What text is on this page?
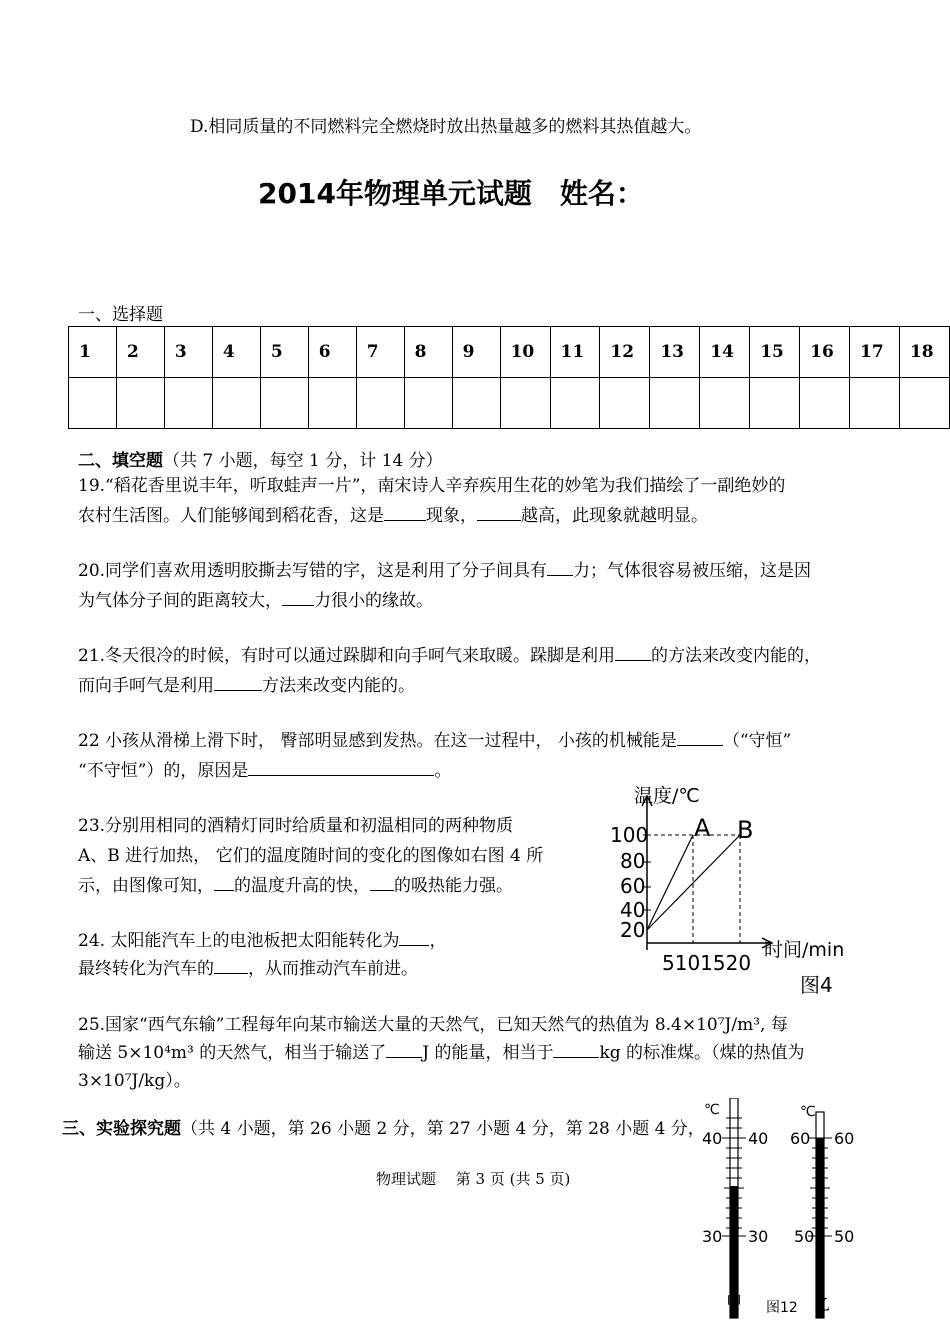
D.相同质量的不同燃料完全燃烧时放出热量越多的燃料其热值越大。
2014年物理单元试题　姓名：
一、选择题
1	2	3	4	5	6	7	8	9	10	11	12	13	14	15	16	17	18

二、填空题（共 7 小题，每空 1 分，计 14 分）
19.“稻花香里说丰年，听取蛙声一片”，南宋诗人辛弃疾用生花的妙笔为我们描绘了一副绝妙的
农村生活图。人们能够闻到稻花香，这是 现象，	越高，此现象就越明显。
20.同学们喜欢用透明胶撕去写错的字，这是利用了分子间具有 力；气体很容易被压缩，这是因
为气体分子间的距离较大， 力很小的缘故。
21.冬天很冷的时候，有时可以通过跺脚和向手呵气来取暖。跺脚是利用 的方法来改变内能的，
而向手呵气是利用	方法来改变内能的。
22 小孩从滑梯上滑下时， 臀部明显感到发热。在这一过程中， 小孩的机械能是	（“守恒”
“不守恒”）的，原因是	。
23.分别用相同的酒精灯同时给质量和初温相同的两种物质
A、B 进行加热， 它们的温度随时间的变化的图像如右图 4 所
示，由图像可知， 的温度升高的快， 的吸热能力强。
24. 太阳能汽车上的电池板把太阳能转化为 ，
最终转化为汽车的 ，从而推动汽车前进。
25.国家“西气东输”工程每年向某市输送大量的天然气，已知天然气的热值为 8.4×10⁷J/m³, 每
输送 5×10⁴m³ 的天然气，相当于输送了 J 的能量，相当于	kg 的标准煤。（煤的热值为
3×10⁷J/kg）。
三、实验探究题（共 4 小题，第 26 小题 2 分，第 27 小题 4 分，第 28 小题 4 分，
物理试题　 第 3 页 (共 5 页)
温度/℃
100
80
60
40
20
5101520
时间/min
A B
图4
℃
40 40
30 30
甲
℃
60 60
50 50
乙
图12
